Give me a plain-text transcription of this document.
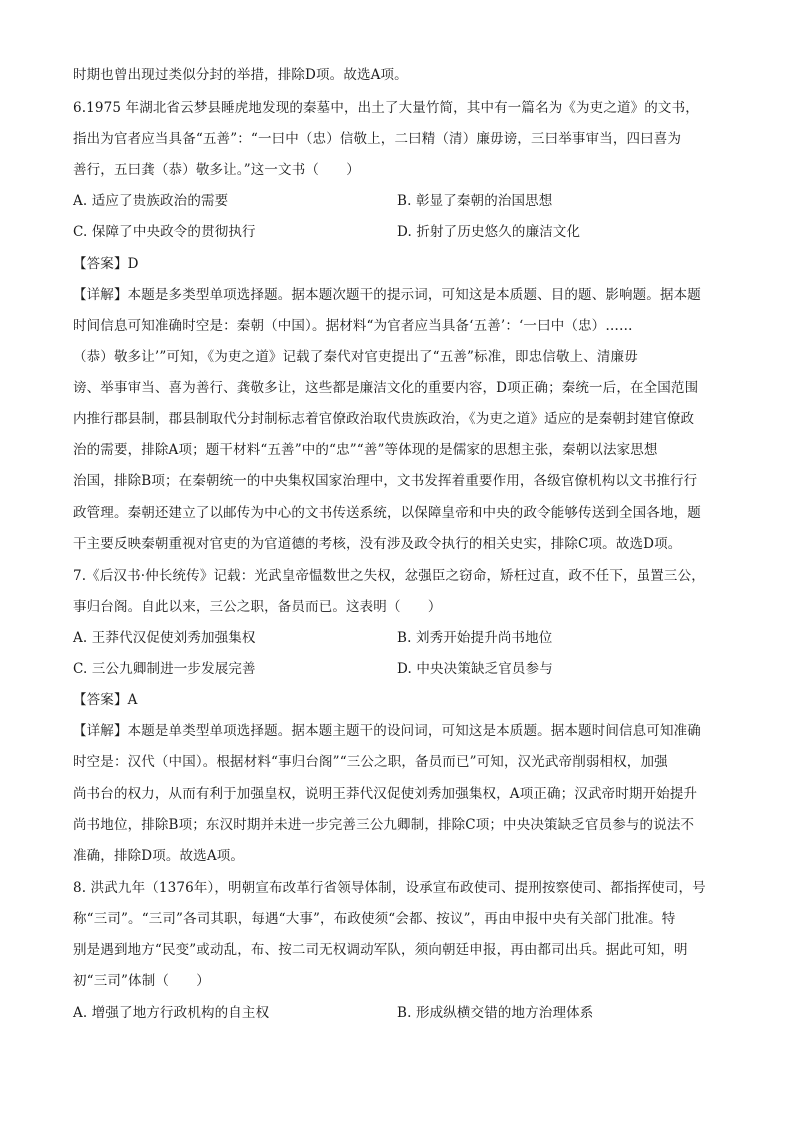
时期也曾出现过类似分封的举措，排除D项。故选A项。
6.1975 年湖北省云梦县睡虎地发现的秦墓中，出土了大量竹简，其中有一篇名为《为吏之道》的文书，
指出为官者应当具备“五善”：“一曰中（忠）信敬上，二曰精（清）廉毋谤，三曰举事审当，四曰喜为
善行，五曰龚（恭）敬多让。”这一文书（　　）
A. 适应了贵族政治的需要	B. 彰显了秦朝的治国思想
C. 保障了中央政令的贯彻执行	D. 折射了历史悠久的廉洁文化
【答案】D
【详解】本题是多类型单项选择题。据本题次题干的提示词，可知这是本质题、目的题、影响题。据本题
时间信息可知准确时空是：秦朝（中国）。据材料“为官者应当具备‘五善’：‘一曰中（忠）……
（恭）敬多让’”可知，《为吏之道》记载了秦代对官吏提出了“五善”标准，即忠信敬上、清廉毋
谤、举事审当、喜为善行、龚敬多让，这些都是廉洁文化的重要内容，D项正确；秦统一后，在全国范围
内推行郡县制，郡县制取代分封制标志着官僚政治取代贵族政治，《为吏之道》适应的是秦朝封建官僚政
治的需要，排除A项；题干材料“五善”中的“忠”“善”等体现的是儒家的思想主张，秦朝以法家思想
治国，排除B项；在秦朝统一的中央集权国家治理中，文书发挥着重要作用，各级官僚机构以文书推行行
政管理。秦朝还建立了以邮传为中心的文书传送系统，以保障皇帝和中央的政令能够传送到全国各地，题
干主要反映秦朝重视对官吏的为官道德的考核，没有涉及政令执行的相关史实，排除C项。故选D项。
7.《后汉书·仲长统传》记载：光武皇帝愠数世之失权，忿强臣之窃命，矫枉过直，政不任下，虽置三公，
事归台阁。自此以来，三公之职，备员而已。这表明（　　）
A. 王莽代汉促使刘秀加强集权	B. 刘秀开始提升尚书地位
C. 三公九卿制进一步发展完善	D. 中央决策缺乏官员参与
【答案】A
【详解】本题是单类型单项选择题。据本题主题干的设问词，可知这是本质题。据本题时间信息可知准确
时空是：汉代（中国）。根据材料“事归台阁”“三公之职，备员而已”可知，汉光武帝削弱相权，加强
尚书台的权力，从而有利于加强皇权，说明王莽代汉促使刘秀加强集权，A项正确；汉武帝时期开始提升
尚书地位，排除B项；东汉时期并未进一步完善三公九卿制，排除C项；中央决策缺乏官员参与的说法不
准确，排除D项。故选A项。
8. 洪武九年（1376年），明朝宣布改革行省领导体制，设承宣布政使司、提刑按察使司、都指挥使司，号
称“三司”。“三司”各司其职，每遇“大事”，布政使须“会都、按议”，再由申报中央有关部门批准。特
别是遇到地方“民变”或动乱，布、按二司无权调动军队，须向朝廷申报，再由都司出兵。据此可知，明
初“三司”体制（　　）
A. 增强了地方行政机构的自主权	B. 形成纵横交错的地方治理体系
